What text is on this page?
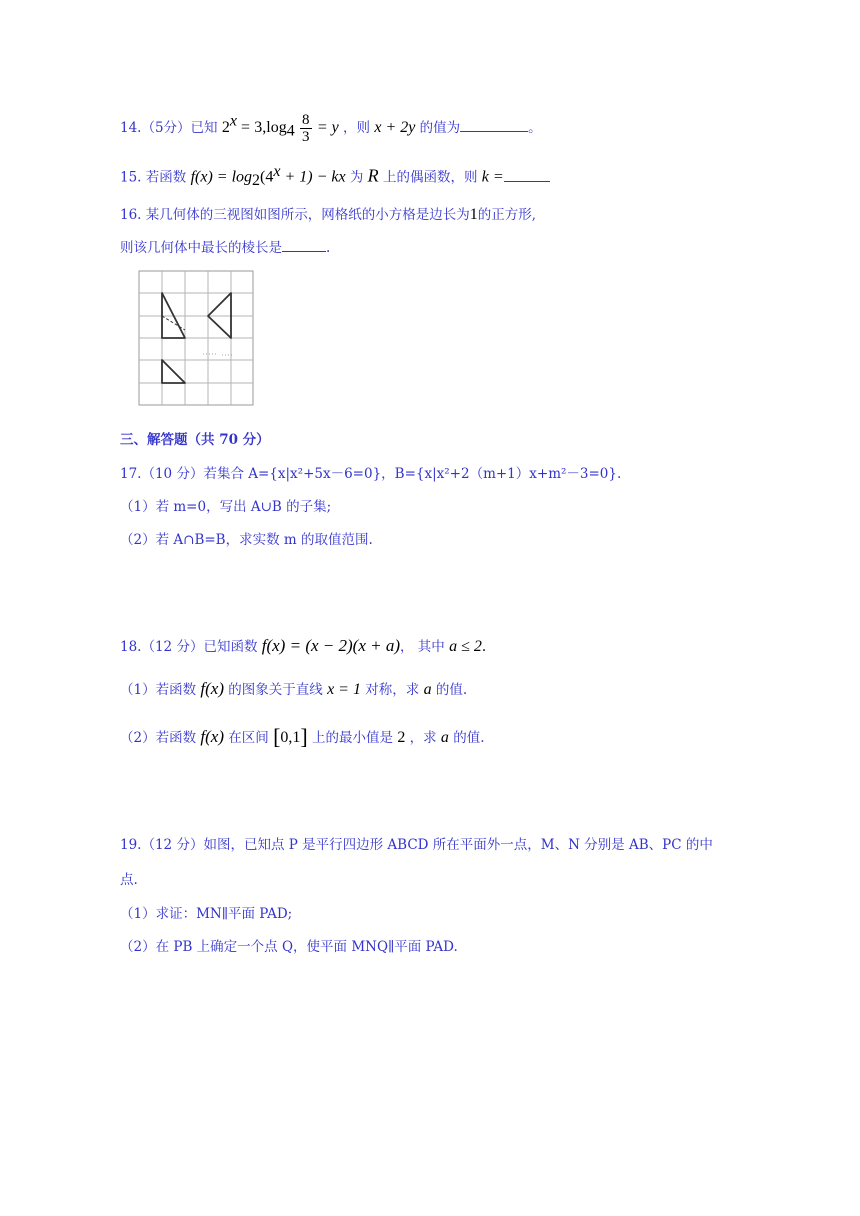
14.（5分）已知 $2^x = 3,\log_4 \frac{8}{3} = y$ ，则 x + 2y 的值为	。
15. 若函数 $f(x) = \log_2(4^x + 1)$ − kx 为 R 上的偶函数，则 k =
16. 某几何体的三视图如图所示，网格纸的小方格是边长为1的正方形,
则该几何体中最长的棱长是	.
三、解答题（共 70 分）
17.（10 分）若集合 A={x|x²+5x－6=0}，B={x|x²+2（m+1）x+m²－3=0}.
（1）若 m=0，写出 A∪B 的子集;
（2）若 A∩B=B，求实数 m 的取值范围.
18.（12 分）已知函数 f(x) = (x − 2)(x + a)， 其中 a ≤ 2.
（1）若函数 f(x) 的图象关于直线 x = 1 对称，求 a 的值.
（2）若函数 f(x) 在区间 [0,1] 上的最小值是 2 ，求 a 的值.
19.（12 分）如图，已知点 P 是平行四边形 ABCD 所在平面外一点，M、N 分别是 AB、PC 的中
点.
（1）求证：MN∥平面 PAD;
（2）在 PB 上确定一个点 Q，使平面 MNQ∥平面 PAD.
